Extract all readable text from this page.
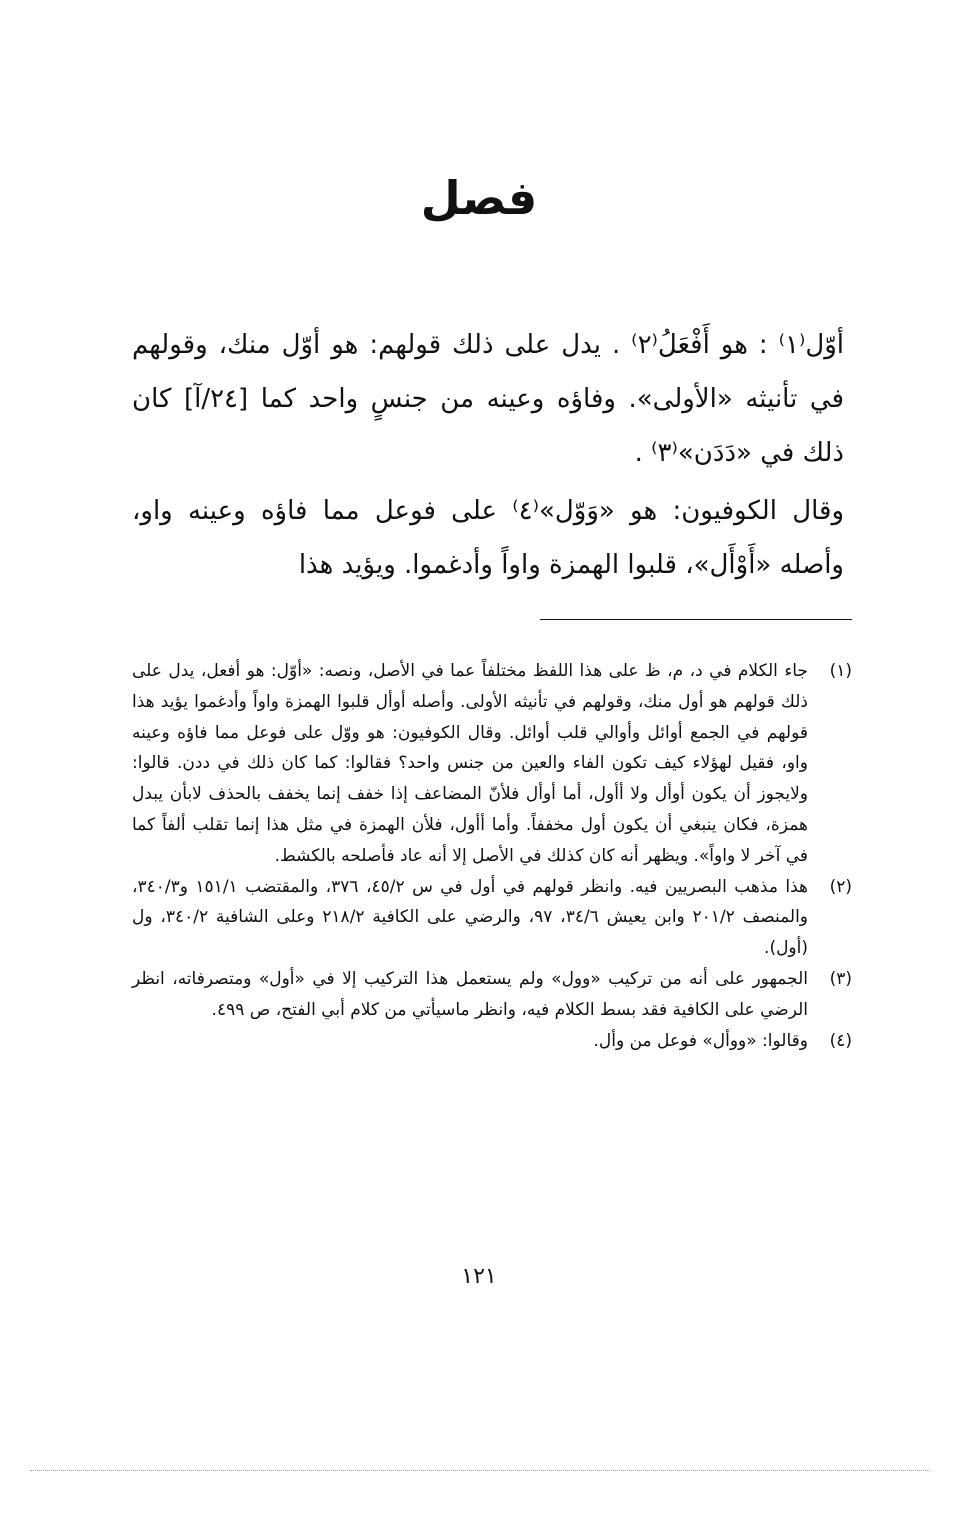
فصل

أوّل⁽١⁾ : هو أَفْعَلُ⁽٢⁾ . يدل على ذلك قولهم: هو أوّل منك، وقولهم في تأنيثه «الأولى». وفاؤه وعينه من جنسٍ واحد كما [٢٤/آ] كان ذلك في «دَدَن»⁽٣⁾ .

وقال الكوفيون: هو «وَوّل»⁽٤⁾ على فوعل مما فاؤه وعينه واو، وأصله «أَوْأَل»، قلبوا الهمزة واواً وأدغموا. ويؤيد هذا

(١)
جاء الكلام في د، م، ظ على هذا اللفظ مختلفاً عما في الأصل، ونصه: «أوّل: هو أفعل، يدل على ذلك قولهم هو أول منك، وقولهم في تأنيثه الأولى. وأصله أوأل قلبوا الهمزة واواً وأدغموا يؤيد هذا قولهم في الجمع أوائل وأوالي قلب أوائل. وقال الكوفيون: هو ووّل على فوعل مما فاؤه وعينه واو، فقيل لهؤلاء كيف تكون الفاء والعين من جنس واحد؟ فقالوا: كما كان ذلك في ددن. قالوا: ولايجوز أن يكون أوأل ولا أأول، أما أوأل فلأنّ المضاعف إذا خفف إنما يخفف بالحذف لابأن يبدل همزة، فكان ينبغي أن يكون أول مخففاً. وأما أأول، فلأن الهمزة في مثل هذا إنما تقلب ألفاً كما في آخر لا واواً». ويظهر أنه كان كذلك في الأصل إلا أنه عاد فأصلحه بالكشط.
(٢)
هذا مذهب البصريين فيه. وانظر قولهم في أول في س ٤٥/٢، ٣٧٦، والمقتضب ١٥١/١ و٣٤٠/٣، والمنصف ٢٠١/٢ وابن يعيش ٣٤/٦، ٩٧، والرضي على الكافية ٢١٨/٢ وعلى الشافية ٣٤٠/٢، ول (أول).
(٣)
الجمهور على أنه من تركيب «وول» ولم يستعمل هذا التركيب إلا في «أول» ومتصرفاته، انظر الرضي على الكافية فقد بسط الكلام فيه، وانظر ماسيأتي من كلام أبي الفتح، ص ٤٩٩.
(٤)
وقالوا: «ووأل» فوعل من وأل.
١٢١
